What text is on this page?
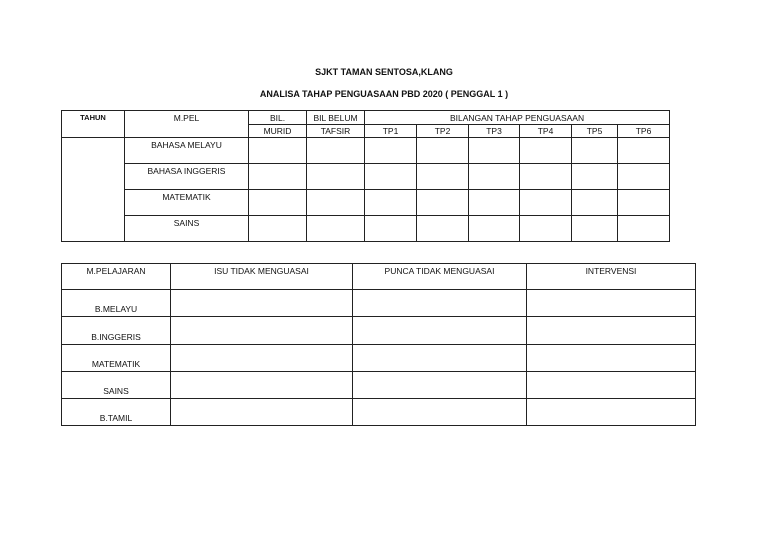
SJKT TAMAN SENTOSA,KLANG
ANALISA TAHAP PENGUASAAN PBD 2020 ( PENGGAL 1 )
TAHUN	M.PEL	BIL.	BIL BELUM	BILANGAN TAHAP PENGUASAAN					
		MURID	TAFSIR	TP1	TP2	TP3	TP4	TP5	TP6
	BAHASA MELAYU								
	BAHASA INGGERIS								
	MATEMATIK								
	SAINS								
M.PELAJARAN	ISU TIDAK MENGUASAI	PUNCA TIDAK MENGUASAI	INTERVENSI
B.MELAYU			
B.INGGERIS			
MATEMATIK			
SAINS			
B.TAMIL			
